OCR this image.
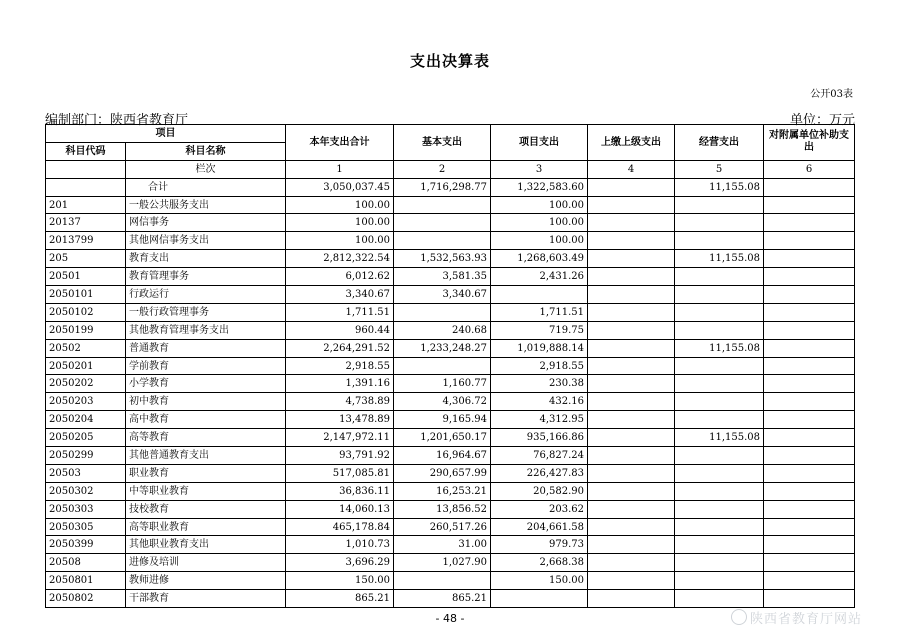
支出决算表
公开03表
编制部门：陕西省教育厅	单位：万元
项目		本年支出合计	基本支出	项目支出	上缴上级支出	经营支出	对附属单位补助支出
科目代码	科目名称						
	栏次	1	2	3	4	5	6
	合计	3,050,037.45	1,716,298.77	1,322,583.60		11,155.08	
201	一般公共服务支出	100.00		100.00			
20137	网信事务	100.00		100.00			
2013799	其他网信事务支出	100.00		100.00			
205	教育支出	2,812,322.54	1,532,563.93	1,268,603.49		11,155.08	
20501	教育管理事务	6,012.62	3,581.35	2,431.26			
2050101	行政运行	3,340.67	3,340.67				
2050102	一般行政管理事务	1,711.51		1,711.51			
2050199	其他教育管理事务支出	960.44	240.68	719.75			
20502	普通教育	2,264,291.52	1,233,248.27	1,019,888.14		11,155.08	
2050201	学前教育	2,918.55		2,918.55			
2050202	小学教育	1,391.16	1,160.77	230.38			
2050203	初中教育	4,738.89	4,306.72	432.16			
2050204	高中教育	13,478.89	9,165.94	4,312.95			
2050205	高等教育	2,147,972.11	1,201,650.17	935,166.86		11,155.08	
2050299	其他普通教育支出	93,791.92	16,964.67	76,827.24			
20503	职业教育	517,085.81	290,657.99	226,427.83			
2050302	中等职业教育	36,836.11	16,253.21	20,582.90			
2050303	技校教育	14,060.13	13,856.52	203.62			
2050305	高等职业教育	465,178.84	260,517.26	204,661.58			
2050399	其他职业教育支出	1,010.73	31.00	979.73			
20508	进修及培训	3,696.29	1,027.90	2,668.38			
2050801	教师进修	150.00		150.00			
2050802	干部教育	865.21	865.21				
- 48 -	陕西省教育厅网站
